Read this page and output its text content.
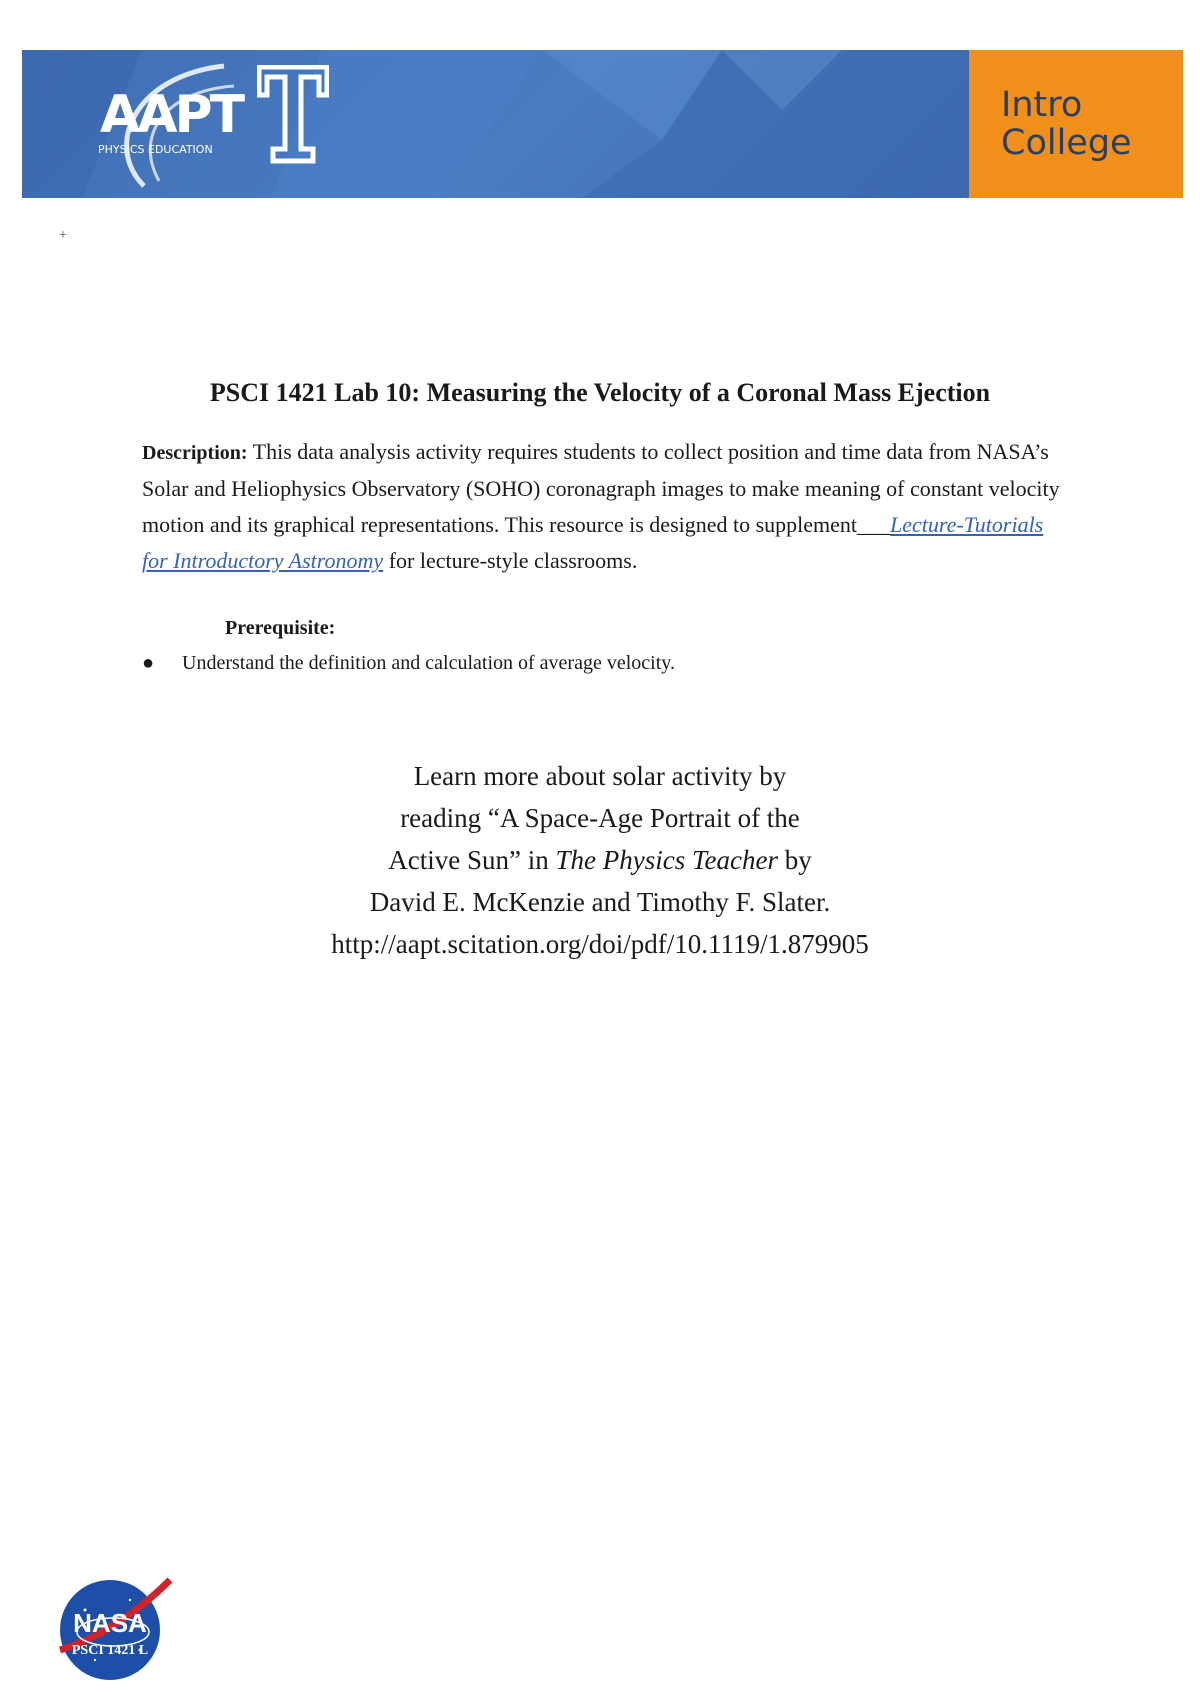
AAPT
PHYSICS EDUCATION
Intro
College
+
PSCI 1421 Lab 10: Measuring the Velocity of a Coronal Mass Ejection
Description: This data analysis activity requires students to collect position and time data from NASA’s Solar and Heliophysics Observatory (SOHO) coronagraph images to make meaning of constant velocity motion and its graphical representations. This resource is designed to supplement___Lecture-Tutorials for Introductory Astronomy for lecture-style classrooms.
Prerequisite:
● Understand the definition and calculation of average velocity.
Learn more about solar activity by
reading “A Space-Age Portrait of the
Active Sun” in The Physics Teacher by
David E. McKenzie and Timothy F. Slater.
http://aapt.scitation.org/doi/pdf/10.1119/1.879905
NASA
PSCI 1421 L
